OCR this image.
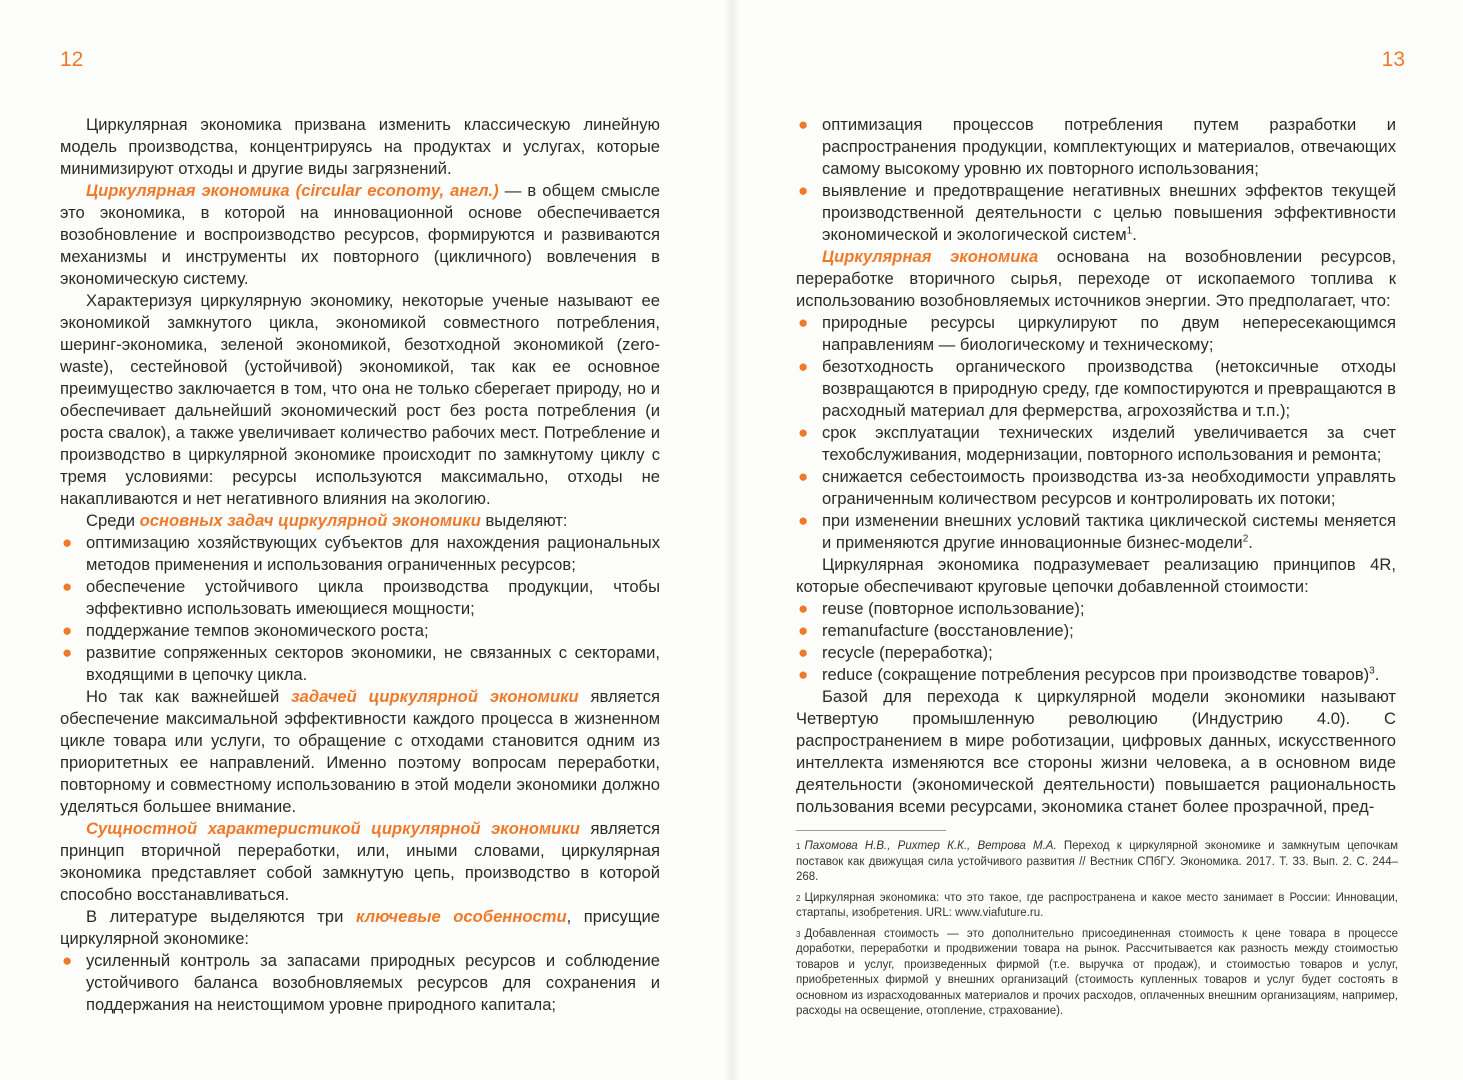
12

Циркулярная экономика призвана изменить классическую линейную модель производства, концентрируясь на продуктах и услугах, которые минимизируют отходы и другие виды загрязнений.

Циркулярная экономика (circular economy, англ.) — в общем смысле это экономика, в которой на инновационной основе обеспечивается возобновление и воспроизводство ресурсов, формируются и развиваются механизмы и инструменты их повторного (цикличного) вовлечения в экономическую систему.

Характеризуя циркулярную экономику, некоторые ученые называют ее экономикой замкнутого цикла, экономикой совместного потребления, шеринг-экономика, зеленой экономикой, безотходной экономикой (zero-waste), сестейновой (устойчивой) экономикой, так как ее основное преимущество заключается в том, что она не только сберегает природу, но и обеспечивает дальнейший экономический рост без роста потребления (и роста свалок), а также увеличивает количество рабочих мест. Потребление и производство в циркулярной экономике происходит по замкнутому циклу с тремя условиями: ресурсы используются максимально, отходы не накапливаются и нет негативного влияния на экологию.

Среди основных задач циркулярной экономики выделяют:

● оптимизацию хозяйствующих субъектов для нахождения рациональных методов применения и использования ограниченных ресурсов;
● обеспечение устойчивого цикла производства продукции, чтобы эффективно использовать имеющиеся мощности;
● поддержание темпов экономического роста;
● развитие сопряженных секторов экономики, не связанных с секторами, входящими в цепочку цикла.

Но так как важнейшей задачей циркулярной экономики является обеспечение максимальной эффективности каждого процесса в жизненном цикле товара или услуги, то обращение с отходами становится одним из приоритетных ее направлений. Именно поэтому вопросам переработки, повторному и совместному использованию в этой модели экономики должно уделяться большее внимание.

Сущностной характеристикой циркулярной экономики является принцип вторичной переработки, или, иными словами, циркулярная экономика представляет собой замкнутую цепь, производство в которой способно восстанавливаться.

В литературе выделяются три ключевые особенности, присущие циркулярной экономике:

● усиленный контроль за запасами природных ресурсов и соблюдение устойчивого баланса возобновляемых ресурсов для сохранения и поддержания на неистощимом уровне природного капитала;
13
● оптимизация процессов потребления путем разработки и распространения продукции, комплектующих и материалов, отвечающих самому высокому уровню их повторного использования;
● выявление и предотвращение негативных внешних эффектов текущей производственной деятельности с целью повышения эффективности экономической и экологической систем$^1$.

Циркулярная экономика основана на возобновлении ресурсов, переработке вторичного сырья, переходе от ископаемого топлива к использованию возобновляемых источников энергии. Это предполагает, что:

● природные ресурсы циркулируют по двум непересекающимся направлениям — биологическому и техническому;
● безотходность органического производства (нетоксичные отходы возвращаются в природную среду, где компостируются и превращаются в расходный материал для фермерства, агрохозяйства и т.п.);
● срок эксплуатации технических изделий увеличивается за счет техобслуживания, модернизации, повторного использования и ремонта;
● снижается себестоимость производства из-за необходимости управлять ограниченным количеством ресурсов и контролировать их потоки;
● при изменении внешних условий тактика циклической системы меняется и применяются другие инновационные бизнес-модели$^2$.

Циркулярная экономика подразумевает реализацию принципов 4R, которые обеспечивают круговые цепочки добавленной стоимости:

● reuse (повторное использование);
● remanufacture (восстановление);
● recycle (переработка);
● reduce (сокращение потребления ресурсов при производстве товаров)$^3$.

Базой для перехода к циркулярной модели экономики называют Четвертую промышленную революцию (Индустрию 4.0). С распространением в мире роботизации, цифровых данных, искусственного интеллекта изменяются все стороны жизни человека, а в основном виде деятельности (экономической деятельности) повышается рациональность пользования всеми ресурсами, экономика станет более прозрачной, пред-

$^1$ Пахомова Н.В., Рихтер К.К., Ветрова М.А. Переход к циркулярной экономике и замкнутым цепочкам поставок как движущая сила устойчивого развития // Вестник СПбГУ. Экономика. 2017. Т. 33. Вып. 2. С. 244–268.
$^2$ Циркулярная экономика: что это такое, где распространена и какое место занимает в России: Инновации, стартапы, изобретения. URL: www.viafuture.ru.
$^3$ Добавленная стоимость — это дополнительно присоединенная стоимость к цене товара в процессе доработки, переработки и продвижении товара на рынок. Рассчитывается как разность между стоимостью товаров и услуг, произведенных фирмой (т.е. выручка от продаж), и стоимостью товаров и услуг, приобретенных фирмой у внешних организаций (стоимость купленных товаров и услуг будет состоять в основном из израсходованных материалов и прочих расходов, оплаченных внешним организациям, например, расходы на освещение, отопление, страхование).
